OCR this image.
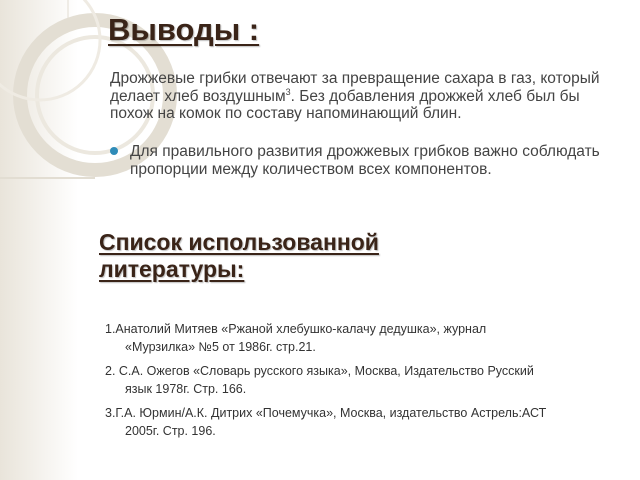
Выводы :
Дрожжевые грибки отвечают за превращение сахара в газ, который делает хлеб воздушным$^3$. Без добавления дрожжей хлеб был бы похож на комок по составу напоминающий блин.
Для правильного развития дрожжевых грибков важно соблюдать пропорции между количеством всех компонентов.
Список использованной литературы:
1.Анатолий Митяев «Ржаной хлебушко-калачу дедушка», журнал
«Мурзилка» №5 от 1986г. стр.21.
2. С.А. Ожегов «Словарь русского языка», Москва, Издательство Русский
язык 1978г. Стр. 166.
3.Г.А. Юрмин/А.К. Дитрих «Почемучка», Москва, издательство Астрель:АСТ
2005г. Стр. 196.
